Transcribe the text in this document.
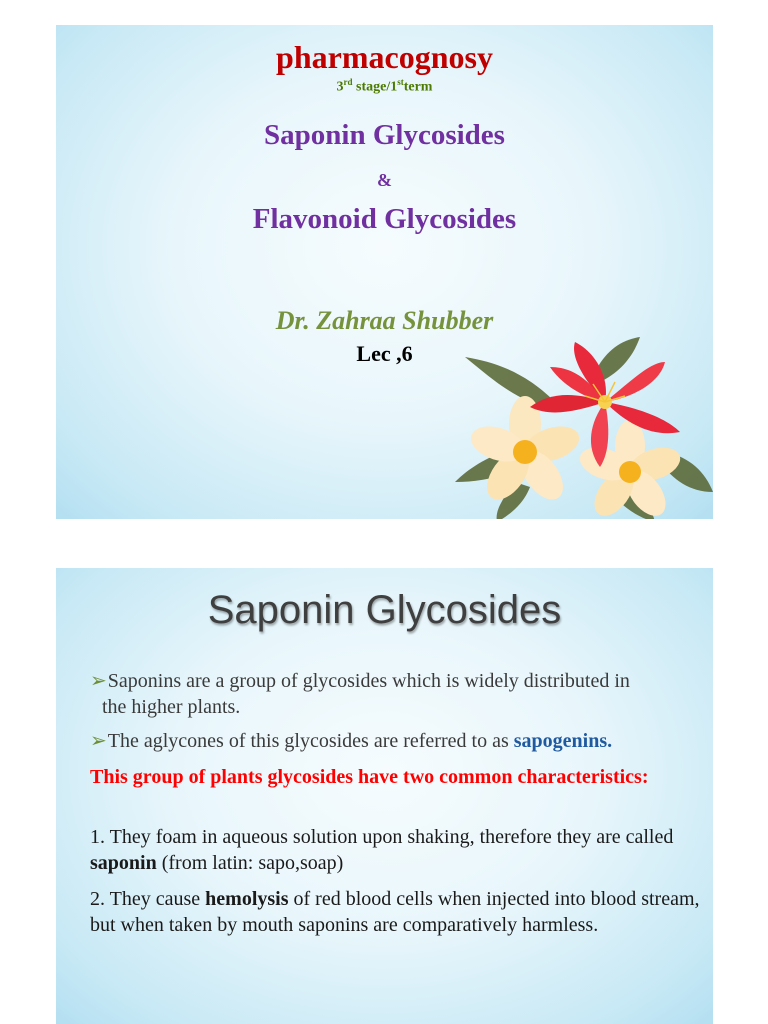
pharmacognosy
3rd stage/1stterm
Saponin Glycosides
&
Flavonoid Glycosides
Dr. Zahraa Shubber
Lec ,6
Saponin Glycosides
➢Saponins are a group of glycosides which is widely distributed in
the higher plants.
➢The aglycones of this glycosides are referred to as sapogenins.
This group of plants glycosides have two common characteristics:
1. They foam in aqueous solution upon shaking, therefore they are called saponin (from latin: sapo,soap)
2. They cause hemolysis of red blood cells when injected into blood stream, but when taken by mouth saponins are comparatively harmless.
